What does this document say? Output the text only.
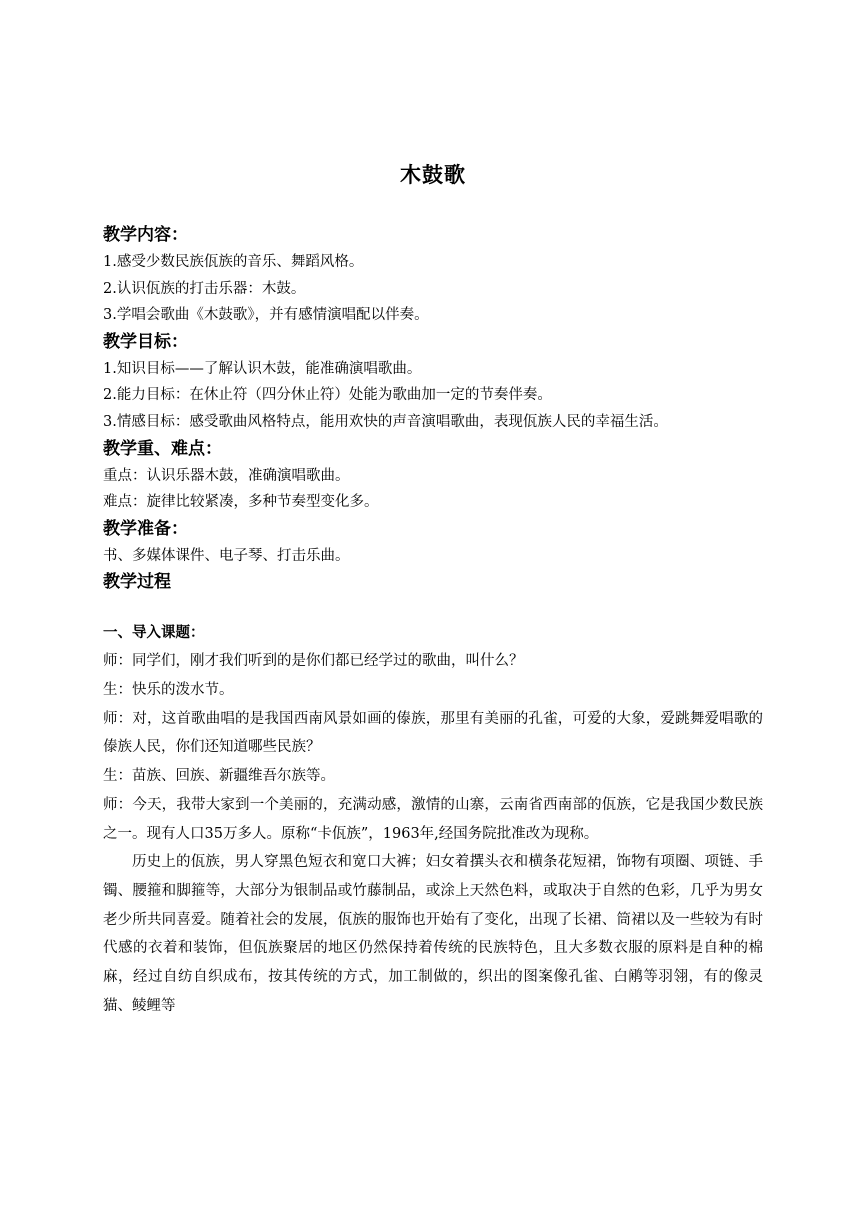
木鼓歌
教学内容：

1.感受少数民族佤族的音乐、舞蹈风格。

2.认识佤族的打击乐器：木鼓。

3.学唱会歌曲《木鼓歌》，并有感情演唱配以伴奏。

教学目标：

1.知识目标——了解认识木鼓，能准确演唱歌曲。

2.能力目标：在休止符（四分休止符）处能为歌曲加一定的节奏伴奏。

3.情感目标：感受歌曲风格特点，能用欢快的声音演唱歌曲，表现佤族人民的幸福生活。

教学重、难点：

重点：认识乐器木鼓，准确演唱歌曲。

难点：旋律比较紧凑，多种节奏型变化多。

教学准备：

书、多媒体课件、电子琴、打击乐曲。

教学过程
一、导入课题：

师：同学们，刚才我们听到的是你们都已经学过的歌曲，叫什么？

生：快乐的泼水节。

师：对，这首歌曲唱的是我国西南风景如画的傣族，那里有美丽的孔雀，可爱的大象，爱跳舞爱唱歌的傣族人民，你们还知道哪些民族？

生：苗族、回族、新疆维吾尔族等。

师：今天，我带大家到一个美丽的，充满动感，激情的山寨，云南省西南部的佤族，它是我国少数民族之一。现有人口35万多人。原称“卡佤族”，1963年,经国务院批准改为现称。

历史上的佤族，男人穿黑色短衣和宽口大裤；妇女着撰头衣和横条花短裙，饰物有项圈、项链、手镯、腰箍和脚箍等，大部分为银制品或竹藤制品，或涂上天然色料，或取决于自然的色彩，几乎为男女老少所共同喜爱。随着社会的发展，佤族的服饰也开始有了变化，出现了长裙、筒裙以及一些较为有时代感的衣着和装饰，但佤族聚居的地区仍然保持着传统的民族特色，且大多数衣服的原料是自种的棉麻，经过自纺自织成布，按其传统的方式，加工制做的，织出的图案像孔雀、白鹇等羽翎，有的像灵猫、鲮鲤等
